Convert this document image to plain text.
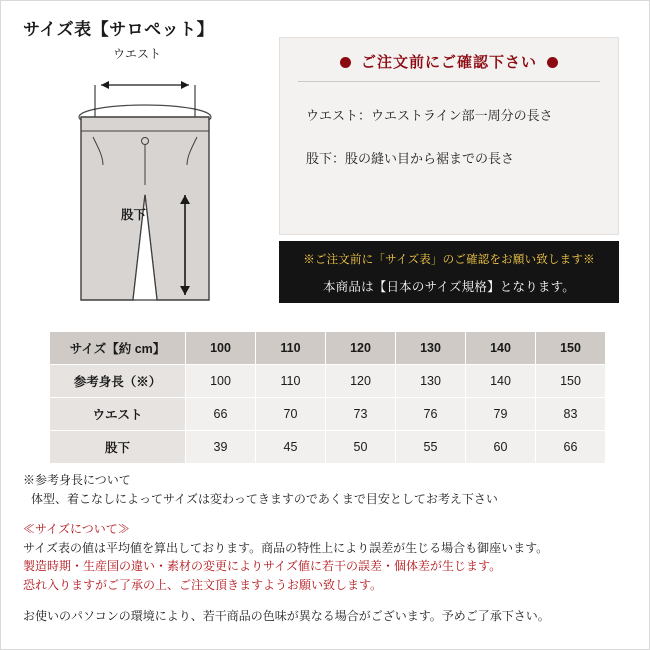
サイズ表【サロペット】
ウエスト
股下
ご注文前にご確認下さい
ウエスト：ウエストライン部一周分の長さ
股下：股の縫い目から裾までの長さ
※ご注文前に「サイズ表」のご確認をお願い致します※
本商品は【日本のサイズ規格】となります。
サイズ【約 cm】	100	110	120	130	140	150
参考身長（※）	100	110	120	130	140	150
ウエスト	66	70	73	76	79	83
股下	39	45	50	55	60	66
※参考身長について
体型、着こなしによってサイズは変わってきますのであくまで目安としてお考え下さい
≪サイズについて≫
サイズ表の値は平均値を算出しております。商品の特性上により誤差が生じる場合も御座います。
製造時期・生産国の違い・素材の変更によりサイズ値に若干の誤差・個体差が生じます。
恐れ入りますがご了承の上、ご注文頂きますようお願い致します。
お使いのパソコンの環境により、若干商品の色味が異なる場合がございます。予めご了承下さい。
